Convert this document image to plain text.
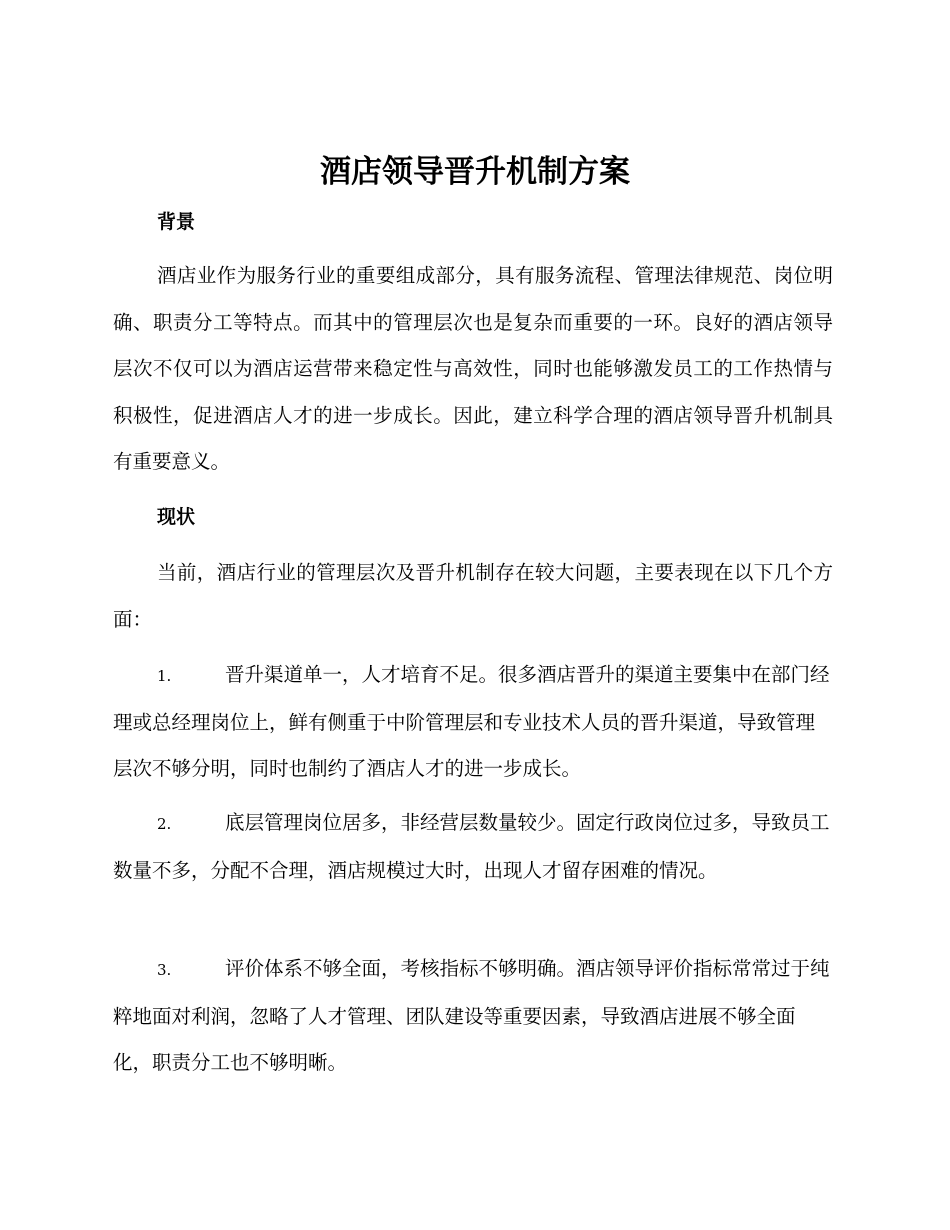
酒店领导晋升机制方案
背景

酒店业作为服务行业的重要组成部分，具有服务流程、管理法律规范、岗位明确、职责分工等特点。而其中的管理层次也是复杂而重要的一环。良好的酒店领导层次不仅可以为酒店运营带来稳定性与高效性，同时也能够激发员工的工作热情与积极性，促进酒店人才的进一步成长。因此，建立科学合理的酒店领导晋升机制具有重要意义。

现状

当前，酒店行业的管理层次及晋升机制存在较大问题，主要表现在以下几个方面：

1.	晋升渠道单一，人才培育不足。很多酒店晋升的渠道主要集中在部门经理或总经理岗位上，鲜有侧重于中阶管理层和专业技术人员的晋升渠道，导致管理层次不够分明，同时也制约了酒店人才的进一步成长。

2.	底层管理岗位居多，非经营层数量较少。固定行政岗位过多，导致员工数量不多，分配不合理，酒店规模过大时，出现人才留存困难的情况。

3.	评价体系不够全面，考核指标不够明确。酒店领导评价指标常常过于纯粹地面对利润，忽略了人才管理、团队建设等重要因素，导致酒店进展不够全面化，职责分工也不够明晰。
